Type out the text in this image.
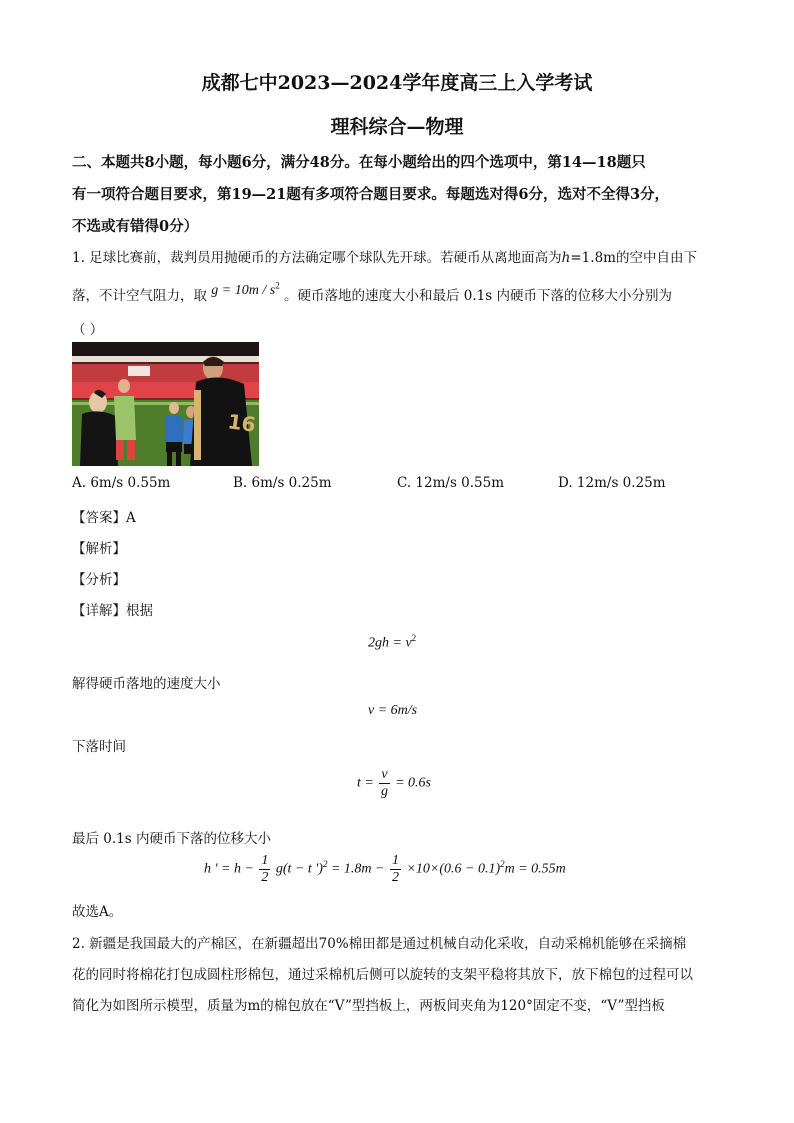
成都七中2023—2024学年度高三上入学考试
理科综合—物理
二、本题共8小题，每小题6分，满分48分。在每小题给出的四个选项中，第14—18题只
有一项符合题目要求，第19—21题有多项符合题目要求。每题选对得6分，选对不全得3分，
不选或有错得0分）
1. 足球比赛前，裁判员用抛硬币的方法确定哪个球队先开球。若硬币从离地面高为h=1.8m的空中自由下
落，不计空气阻力，取 $g = 10m / s^2$ 。硬币落地的速度大小和最后 0.1s 内硬币下落的位移大小分别为
（ ）
16
A. 6m/s 0.55m	B. 6m/s 0.25m	C. 12m/s 0.55m	D. 12m/s 0.25m
【答案】A
【解析】
【分析】
【详解】根据
$2gh = v^2$
解得硬币落地的速度大小
v = 6m/s
下落时间
$t = \frac{v}{g} = 0.6s$
最后 0.1s 内硬币下落的位移大小
h ' = $h - \frac{1}{2} g(t - t$ ')$^2 = 1.8m - \frac{1}{2} \times 10\times(0.6 - 0.1)^2m = 0.55m$
故选A。
2. 新疆是我国最大的产棉区，在新疆超出70%棉田都是通过机械自动化采收，自动采棉机能够在采摘棉
花的同时将棉花打包成圆柱形棉包，通过采棉机后侧可以旋转的支架平稳将其放下，放下棉包的过程可以
简化为如图所示模型，质量为m的棉包放在“V”型挡板上，两板间夹角为120°固定不变，“V”型挡板
